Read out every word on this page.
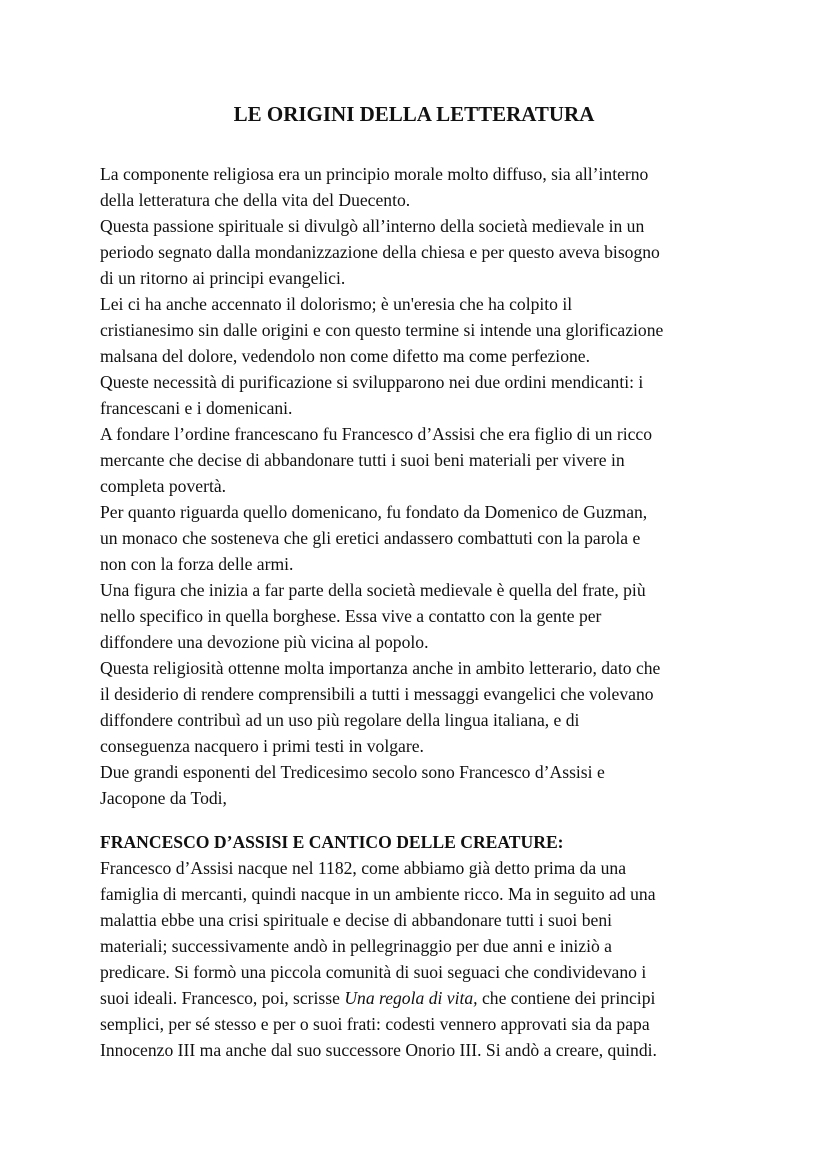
LE ORIGINI DELLA LETTERATURA
La componente religiosa era un principio morale molto diffuso, sia all’interno
della letteratura che della vita del Duecento.
Questa passione spirituale si divulgò all’interno della società medievale in un
periodo segnato dalla mondanizzazione della chiesa e per questo aveva bisogno
di un ritorno ai principi evangelici.
Lei ci ha anche accennato il dolorismo; è un'eresia che ha colpito il
cristianesimo sin dalle origini e con questo termine si intende una glorificazione
malsana del dolore, vedendolo non come difetto ma come perfezione.
Queste necessità di purificazione si svilupparono nei due ordini mendicanti: i
francescani e i domenicani.
A fondare l’ordine francescano fu Francesco d’Assisi che era figlio di un ricco
mercante che decise di abbandonare tutti i suoi beni materiali per vivere in
completa povertà.
Per quanto riguarda quello domenicano, fu fondato da Domenico de Guzman,
un monaco che sosteneva che gli eretici andassero combattuti con la parola e
non con la forza delle armi.
Una figura che inizia a far parte della società medievale è quella del frate, più
nello specifico in quella borghese. Essa vive a contatto con la gente per
diffondere una devozione più vicina al popolo.
Questa religiosità ottenne molta importanza anche in ambito letterario, dato che
il desiderio di rendere comprensibili a tutti i messaggi evangelici che volevano
diffondere contribuì ad un uso più regolare della lingua italiana, e di
conseguenza nacquero i primi testi in volgare.
Due grandi esponenti del Tredicesimo secolo sono Francesco d’Assisi e
Jacopone da Todi,
FRANCESCO D’ASSISI E CANTICO DELLE CREATURE:
Francesco d’Assisi nacque nel 1182, come abbiamo già detto prima da una
famiglia di mercanti, quindi nacque in un ambiente ricco. Ma in seguito ad una
malattia ebbe una crisi spirituale e decise di abbandonare tutti i suoi beni
materiali; successivamente andò in pellegrinaggio per due anni e iniziò a
predicare. Si formò una piccola comunità di suoi seguaci che condividevano i
suoi ideali. Francesco, poi, scrisse Una regola di vita, che contiene dei principi
semplici, per sé stesso e per o suoi frati: codesti vennero approvati sia da papa
Innocenzo III ma anche dal suo successore Onorio III. Si andò a creare, quindi.
